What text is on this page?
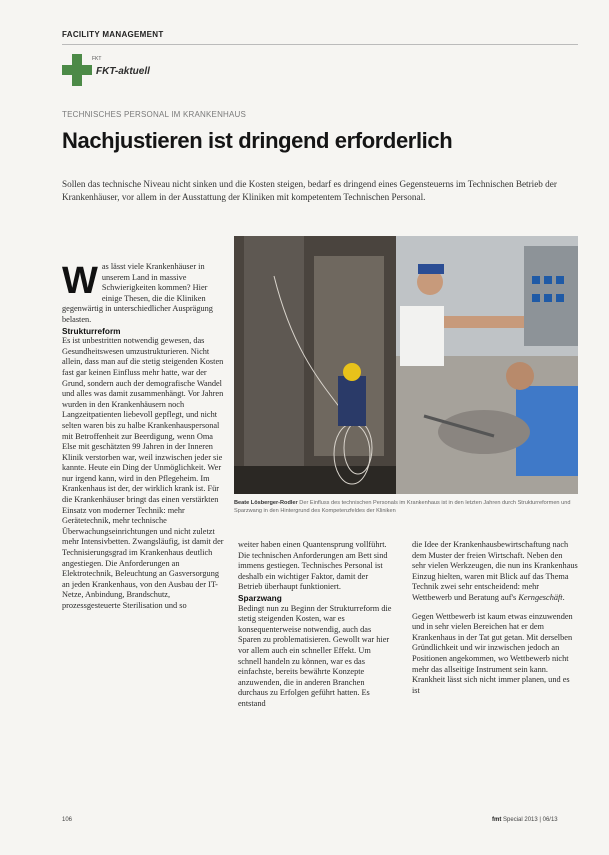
FACILITY MANAGEMENT
FKT
FKT-aktuell
TECHNISCHES PERSONAL IM KRANKENHAUS
Nachjustieren ist dringend erforderlich

Sollen das technische Niveau nicht sinken und die Kosten steigen, bedarf es dringend eines Gegensteuerns im Technischen Betrieb der Krankenhäuser, vor allem in der Ausstattung der Kliniken mit kompetentem Technischen Personal.

Beate Lösberger-Rodler Der Einfluss des technischen Personals im Krankenhaus ist in den letzten Jahren durch Strukturreformen und Sparzwang in den Hintergrund des Kompetenzfeldes der Kliniken

Was lässt viele Krankenhäuser in unserem Land in massive Schwierigkeiten kommen? Hier einige Thesen, die die Kliniken gegenwärtig in unterschiedlicher Ausprägung belasten.

Strukturreform

Es ist unbestritten notwendig gewesen, das Gesundheitswesen umzustrukturieren. Nicht allein, dass man auf die stetig steigenden Kosten fast gar keinen Einfluss mehr hatte, war der Grund, sondern auch der demografische Wandel und alles was damit zusammenhängt. Vor Jahren wurden in den Krankenhäusern noch Langzeitpatienten liebevoll gepflegt, und nicht selten waren bis zu halbe Krankenhauspersonal mit Betroffenheit zur Beerdigung, wenn Oma Else mit geschätzten 99 Jahren in der Inneren Klinik verstorben war, weil inzwischen jeder sie kannte. Heute ein Ding der Unmöglichkeit. Wer nur irgend kann, wird in den Pflegeheim. Im Krankenhaus ist der, der wirklich krank ist. Für die Krankenhäuser bringt das einen verstärkten Einsatz von moderner Technik: mehr Gerätetechnik, mehr technische Überwachungseinrichtungen und nicht zuletzt mehr Intensivbetten. Zwangsläufig, ist damit der Technisierungsgrad im Krankenhaus deutlich angestiegen. Die Anforderungen an Elektrotechnik, Beleuchtung an Gasversorgung an jeden Krankenhaus, von den Ausbau der IT-Netze, Anbindung, Brandschutz, prozessgesteuerte Sterilisation und so

weiter haben einen Quantensprung vollführt. Die technischen Anforderungen am Bett sind immens gestiegen. Technisches Personal ist deshalb ein wichtiger Faktor, damit der Betrieb überhaupt funktioniert.

Sparzwang

Bedingt nun zu Beginn der Strukturreform die stetig steigenden Kosten, war es konsequenterweise notwendig, auch das Sparen zu problematisieren. Gewollt war hier vor allem auch ein schneller Effekt. Um schnell handeln zu können, war es das einfachste, bereits bewährte Konzepte anzuwenden, die in anderen Branchen durchaus zu Erfolgen geführt hatten. Es entstand

die Idee der Krankenhausbewirtschaftung nach dem Muster der freien Wirtschaft. Neben den sehr vielen Werkzeugen, die nun ins Krankenhaus Einzug hielten, waren mit Blick auf das Thema Technik zwei sehr entscheidend: mehr Wettbewerb und Beratung auf's Kerngeschäft.

Gegen Wettbewerb ist kaum etwas einzuwenden und in sehr vielen Bereichen hat er dem Krankenhaus in der Tat gut getan. Mit derselben Gründlichkeit und wir inzwischen jedoch an Positionen angekommen, wo Wettbewerb nicht mehr das allseitige Instrument sein kann. Krankheit lässt sich nicht immer planen, und es ist

106	fmt Special 2013 | 06/13
